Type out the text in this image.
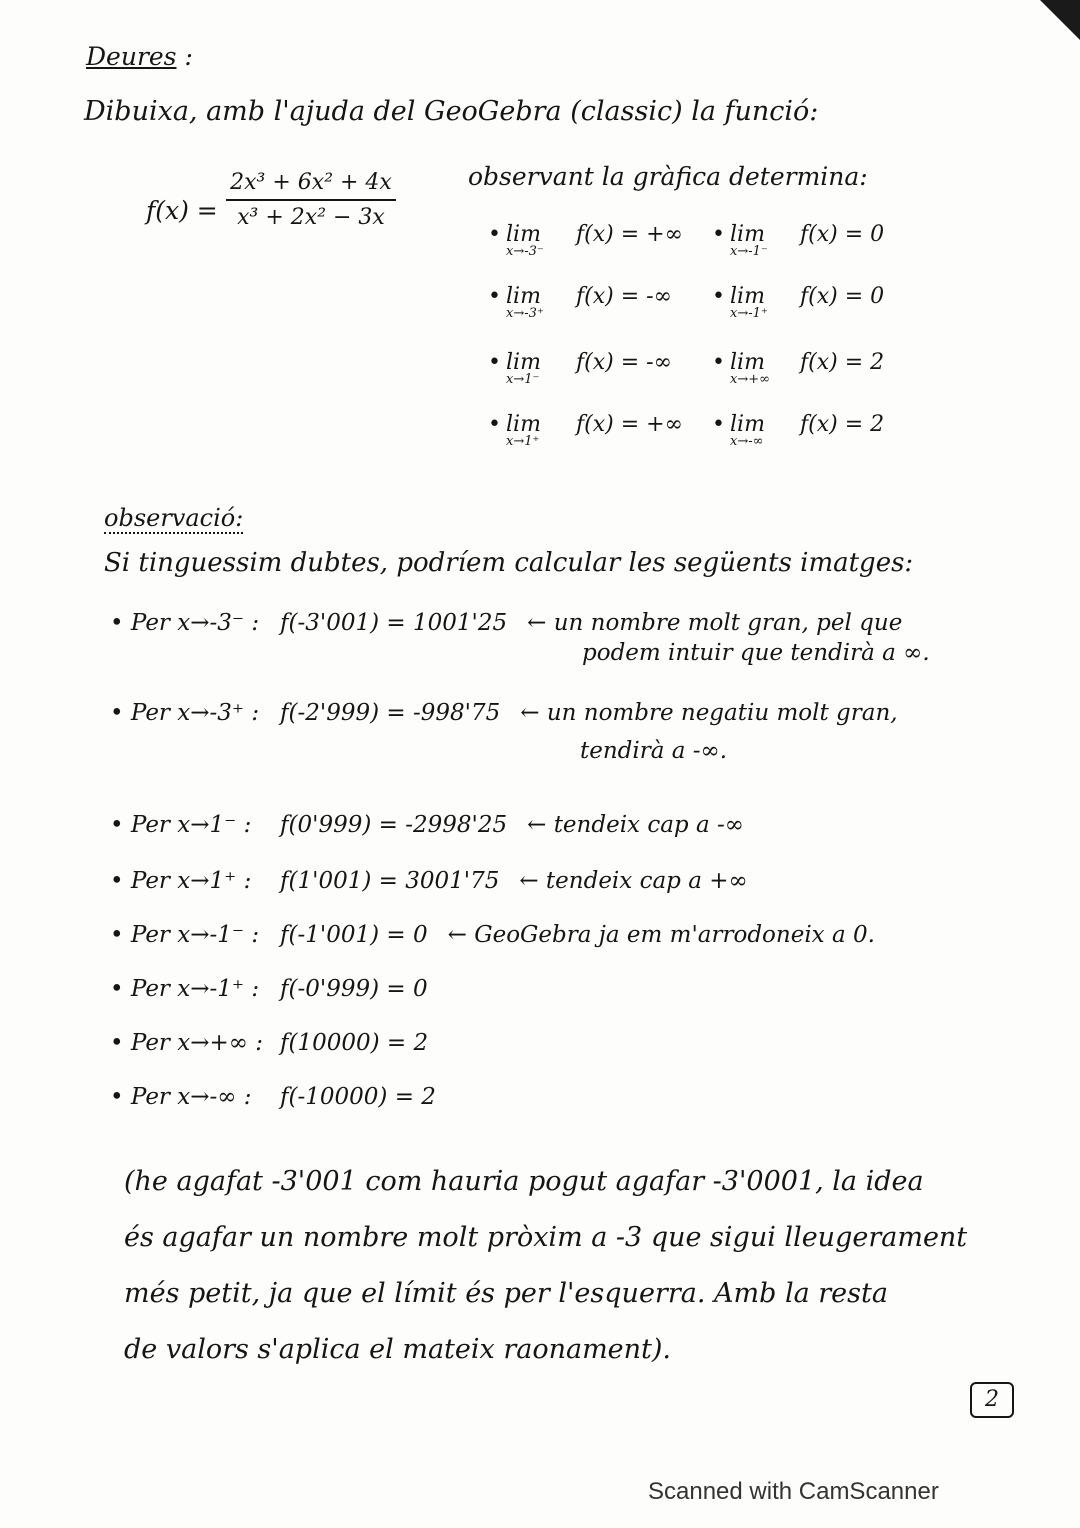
Deures :
Dibuixa, amb l'ajuda del GeoGebra (classic) la funció:
$f(x) = \frac{\text{2x³ + 6x² + 4x}}{\text{x³ + 2x² − 3x}}$	observant la gràfica determina:
• lim
x→-3⁻
f(x) = +∞ • lim
x→-1⁻
f(x) = 0
• lim
x→-3⁺
f(x) = -∞ • lim
x→-1⁺
f(x) = 0
• lim
x→1⁻
f(x) = -∞ • lim
x→+∞
f(x) = 2
• lim
x→1⁺
f(x) = +∞ • lim
x→-∞
f(x) = 2
observació:
Si tinguessim dubtes, podríem calcular les següents imatges:
• Per x→-3⁻ : f(-3'001) = 1001'25 ← un nombre molt gran, pel que
podem intuir que tendirà a ∞.
• Per x→-3⁺ : f(-2'999) = -998'75 ← un nombre negatiu molt gran,
tendirà a -∞.
• Per x→1⁻ : f(0'999) = -2998'25 ← tendeix cap a -∞
• Per x→1⁺ : f(1'001) = 3001'75 ← tendeix cap a +∞
• Per x→-1⁻ : f(-1'001) = 0 ← GeoGebra ja em m'arrodoneix a 0.
• Per x→-1⁺ : f(-0'999) = 0
• Per x→+∞ : f(10000) = 2
• Per x→-∞ : f(-10000) = 2
(he agafat -3'001 com hauria pogut agafar -3'0001, la idea
és agafar un nombre molt pròxim a -3 que sigui lleugerament
més petit, ja que el límit és per l'esquerra. Amb la resta
de valors s'aplica el mateix raonament).
2
Scanned with CamScanner
